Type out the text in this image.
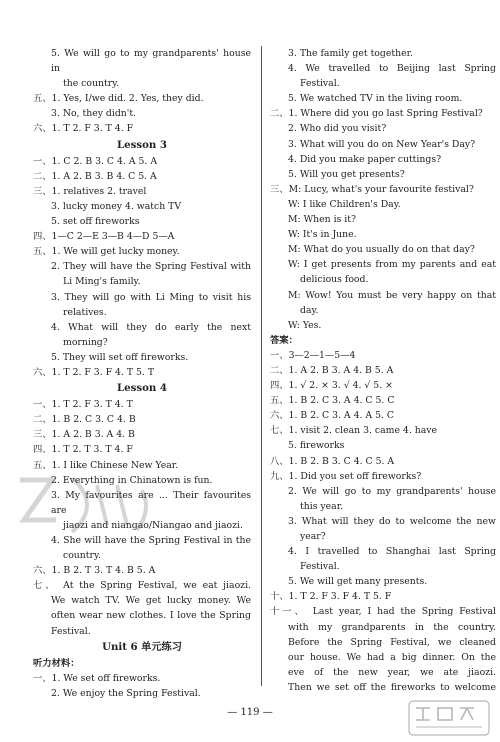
5. We will go to my grandparents' house in
the country.
五、1. Yes, I/we did. 2. Yes, they did.
3. No, they didn't.
六、1. T 2. F 3. T 4. F
Lesson 3
一、1. C 2. B 3. C 4. A 5. A
二、1. A 2. B 3. B 4. C 5. A
三、1. relatives 2. travel
3. lucky money 4. watch TV
5. set off fireworks
四、1—C 2—E 3—B 4—D 5—A
五、1. We will get lucky money.
2. They will have the Spring Festival with
Li Ming's family.
3. They will go with Li Ming to visit his
relatives.
4. What will they do early the next
morning?
5. They will set off fireworks.
六、1. T 2. F 3. F 4. T 5. T
Lesson 4
一、1. T 2. F 3. T 4. T
二、1. B 2. C 3. C 4. B
三、1. A 2. B 3. A 4. B
四、1. T 2. T 3. T 4. F
五、1. I like Chinese New Year.
2. Everything in Chinatown is fun.
3. My favourites are ... Their favourites are
jiaozi and niangao/Niangao and jiaozi.
4. She will have the Spring Festival in the
country.
六、1. B 2. T 3. T 4. B 5. A
七、 At the Spring Festival, we eat jiaozi.
We watch TV. We get lucky money. We
often wear new clothes. I love the Spring
Festival.
Unit 6 单元练习
听力材料：
一、1. We set off fireworks.
2. We enjoy the Spring Festival.
3. The family get together.
4. We travelled to Beijing last Spring
Festival.
5. We watched TV in the living room.
二、1. Where did you go last Spring Festival?
2. Who did you visit?
3. What will you do on New Year's Day?
4. Did you make paper cuttings?
5. Will you get presents?
三、M: Lucy, what's your favourite festival?
W: I like Children's Day.
M: When is it?
W: It's in June.
M: What do you usually do on that day?
W: I get presents from my parents and eat
delicious food.
M: Wow! You must be very happy on that
day.
W: Yes.
答案：
一、3—2—1—5—4
二、1. A 2. B 3. A 4. B 5. A
四、1. √ 2. × 3. √ 4. √ 5. ×
五、1. B 2. C 3. A 4. C 5. C
六、1. B 2. C 3. A 4. A 5. C
七、1. visit 2. clean 3. came 4. have
5. fireworks
八、1. B 2. B 3. C 4. C 5. A
九、1. Did you set off fireworks?
2. We will go to my grandparents' house
this year.
3. What will they do to welcome the new
year?
4. I travelled to Shanghai last Spring
Festival.
5. We will get many presents.
十、1. T 2. F 3. F 4. T 5. F
十一、 Last year, I had the Spring Festival
with my grandparents in the country.
Before the Spring Festival, we cleaned
our house. We had a big dinner. On the
eve of the new year, we ate jiaozi.
Then we set off the fireworks to welcome
— 119 —
